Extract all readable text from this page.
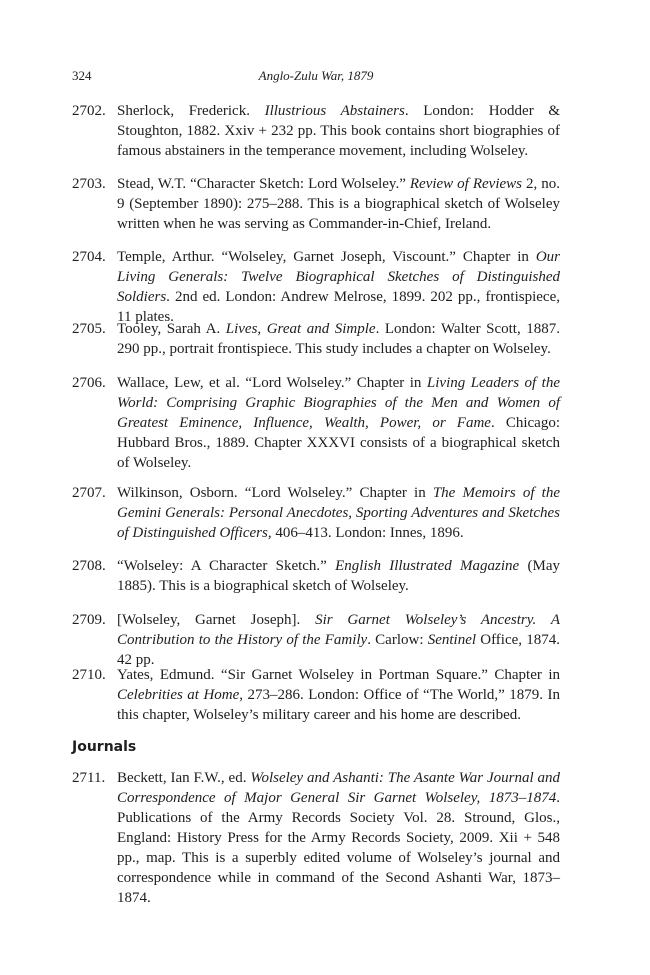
324	Anglo-Zulu War, 1879
2702. Sherlock, Frederick. Illustrious Abstainers. London: Hodder & Stoughton, 1882. Xxiv + 232 pp. This book contains short biographies of famous abstainers in the temperance movement, including Wolseley.
2703. Stead, W.T. “Character Sketch: Lord Wolseley.” Review of Reviews 2, no. 9 (September 1890): 275–288. This is a biographical sketch of Wolseley written when he was serving as Commander-in-Chief, Ireland.
2704. Temple, Arthur. “Wolseley, Garnet Joseph, Viscount.” Chapter in Our Living Generals: Twelve Biographical Sketches of Distinguished Soldiers. 2nd ed. London: Andrew Melrose, 1899. 202 pp., frontispiece, 11 plates.
2705. Tooley, Sarah A. Lives, Great and Simple. London: Walter Scott, 1887. 290 pp., portrait frontispiece. This study includes a chapter on Wolseley.
2706. Wallace, Lew, et al. “Lord Wolseley.” Chapter in Living Leaders of the World: Comprising Graphic Biographies of the Men and Women of Greatest Eminence, Influence, Wealth, Power, or Fame. Chicago: Hubbard Bros., 1889. Chapter XXXVI consists of a biographical sketch of Wolseley.
2707. Wilkinson, Osborn. “Lord Wolseley.” Chapter in The Memoirs of the Gemini Generals: Personal Anecdotes, Sporting Adventures and Sketches of Distinguished Officers, 406–413. London: Innes, 1896.
2708. “Wolseley: A Character Sketch.” English Illustrated Magazine (May 1885). This is a biographical sketch of Wolseley.
2709. [Wolseley, Garnet Joseph]. Sir Garnet Wolseley’s Ancestry. A Contribution to the History of the Family. Carlow: Sentinel Office, 1874. 42 pp.
2710. Yates, Edmund. “Sir Garnet Wolseley in Portman Square.” Chapter in Celebrities at Home, 273–286. London: Office of “The World,” 1879. In this chapter, Wolseley’s military career and his home are described.
Journals
2711. Beckett, Ian F.W., ed. Wolseley and Ashanti: The Asante War Journal and Correspondence of Major General Sir Garnet Wolseley, 1873–1874. Publications of the Army Records Society Vol. 28. Stround, Glos., England: History Press for the Army Records Society, 2009. Xii + 548 pp., map. This is a superbly edited volume of Wolseley’s journal and correspondence while in command of the Second Ashanti War, 1873–1874.
